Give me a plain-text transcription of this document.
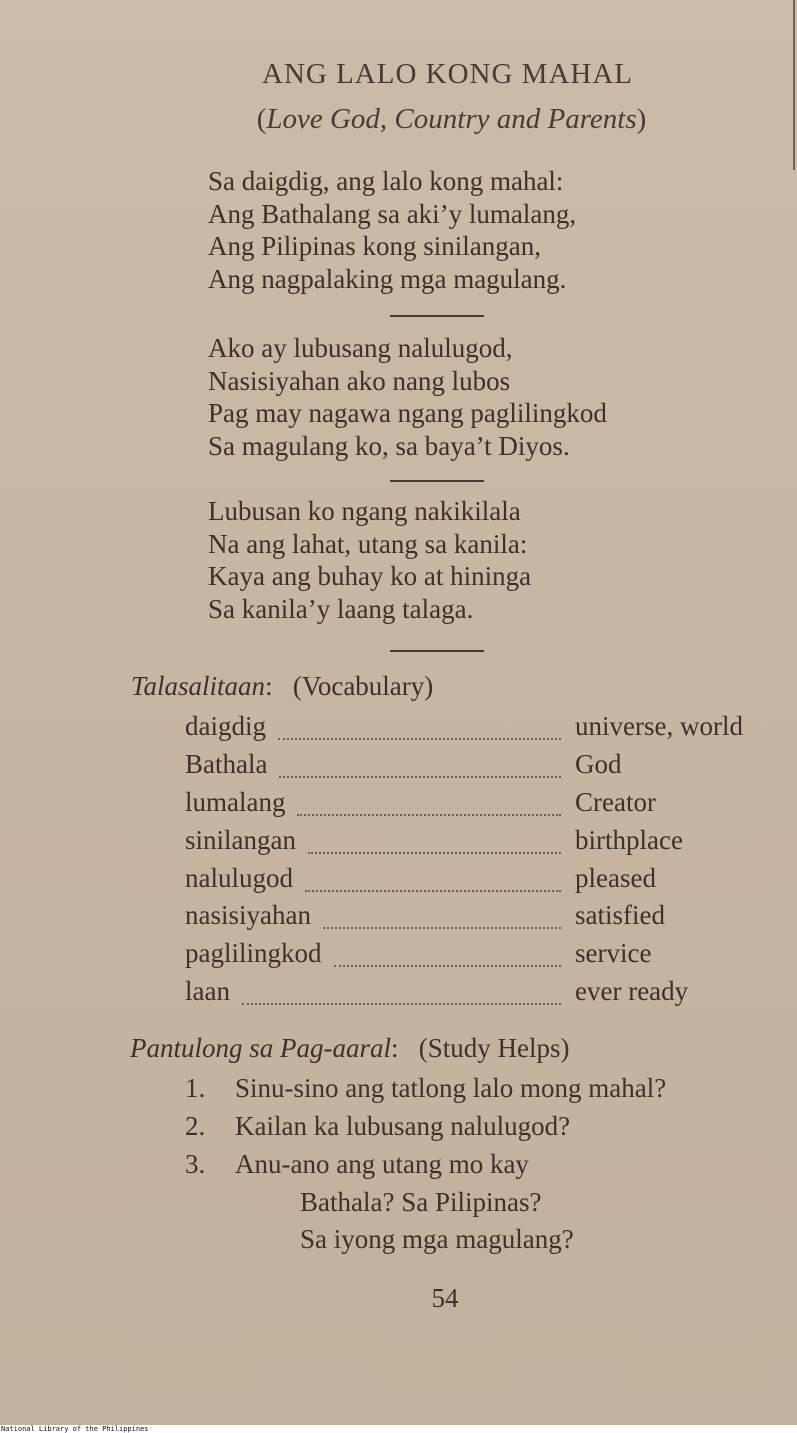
ANG LALO KONG MAHAL
(Love God, Country and Parents)
Sa daigdig, ang lalo kong mahal:
Ang Bathalang sa aki’y lumalang,
Ang Pilipinas kong sinilangan,
Ang nagpalaking mga magulang.
Ako ay lubusang nalulugod,
Nasisiyahan ako nang lubos
Pag may nagawa ngang paglilingkod
Sa magulang ko, sa baya’t Diyos.
Lubusan ko ngang nakikilala
Na ang lahat, utang sa kanila:
Kaya ang buhay ko at hininga
Sa kanila’y laang talaga.
Talasalitaan:   (Vocabulary)
daigdig	universe, world
Bathala	God
lumalang	Creator
sinilangan	birthplace
nalulugod	pleased
nasisiyahan	satisfied
paglilingkod	service
laan	ever ready
Pantulong sa Pag-aaral:   (Study Helps)
1.	Sinu-sino ang tatlong lalo mong mahal?
2.	Kailan ka lubusang nalulugod?
3.	Anu-ano ang utang mo kay
Bathala? Sa Pilipinas?
Sa iyong mga magulang?
54
National Library of the Philippines
